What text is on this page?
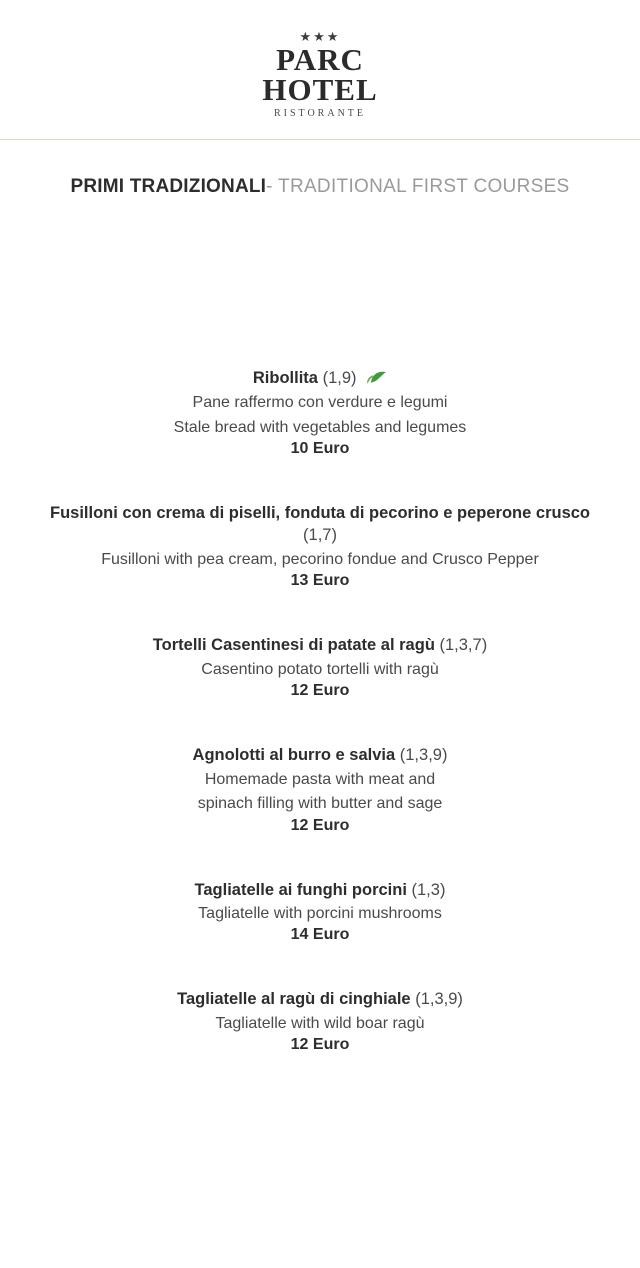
★★★
PARC
HOTEL
RISTORANTE
PRIMI TRADIZIONALI- TRADITIONAL FIRST COURSES
Ribollita (1,9)
Pane raffermo con verdure e legumi
Stale bread with vegetables and legumes
10 Euro
Fusilloni con crema di piselli, fonduta di pecorino e peperone crusco (1,7)
Fusilloni with pea cream, pecorino fondue and Crusco Pepper
13 Euro
Tortelli Casentinesi di patate al ragù (1,3,7)
Casentino potato tortelli with ragù
12 Euro
Agnolotti al burro e salvia (1,3,9)
Homemade pasta with meat and
spinach filling with butter and sage
12 Euro
Tagliatelle ai funghi porcini (1,3)
Tagliatelle with porcini mushrooms
14 Euro
Tagliatelle al ragù di cinghiale (1,3,9)
Tagliatelle with wild boar ragù
12 Euro
